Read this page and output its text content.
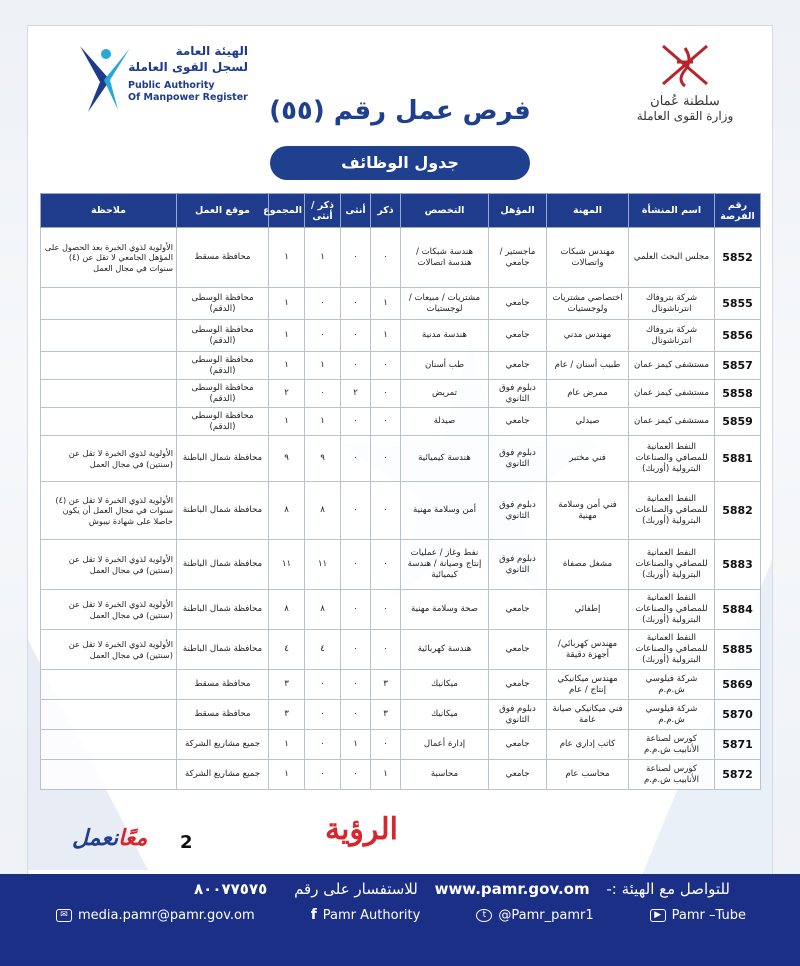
سلطنة عُمان
وزارة القوى العاملة
الهيئة العامة
لسجل القوى العاملة
Public Authority
Of Manpower Register فرص عمل رقم (٥٥)
جدول الوظائف
رقم الفرصة	اسم المنشأة	المهنة	المؤهل	التخصص	ذكر	أنثى	ذكر / أنثى	المجموع	موقع العمل	ملاحظة
5852	مجلس البحث العلمي	مهندس شبكات واتصالات	ماجستير / جامعي	هندسة شبكات / هندسة اتصالات	٠	٠	١	١	محافظة مسقط	الأولوية لذوي الخبرة بعد الحصول على المؤهل الجامعي لا تقل عن (٤) سنوات في مجال العمل
5855	شركة بتروفاك انترناشونال	اختصاصي مشتريات ولوجستيات	جامعي	مشتريات / مبيعات / لوجستيات	١	٠	٠	١	محافظة الوسطى (الدقم)	
5856	شركة بتروفاك انترناشونال	مهندس مدني	جامعي	هندسة مدنية	١	٠	٠	١	محافظة الوسطى (الدقم)	
5857	مستشفى كيمز عمان	طبيب أسنان / عام	جامعي	طب أسنان	٠	٠	١	١	محافظة الوسطى (الدقم)	
5858	مستشفى كيمز عمان	ممرض عام	دبلوم فوق الثانوي	تمريض	٠	٢	٠	٢	محافظة الوسطى (الدقم)	
5859	مستشفى كيمز عمان	صيدلي	جامعي	صيدلة	٠	٠	١	١	محافظة الوسطى (الدقم)	
5881	النفط العمانية للمصافي والصناعات البترولية (أوربك)	فني مختبر	دبلوم فوق الثانوي	هندسة كيميائية	٠	٠	٩	٩	محافظة شمال الباطنة	الأولوية لذوي الخبرة لا تقل عن (سنتين) في مجال العمل
5882	النفط العمانية للمصافي والصناعات البترولية (أوربك)	فني أمن وسلامة مهنية	دبلوم فوق الثانوي	أمن وسلامة مهنية	٠	٠	٨	٨	محافظة شمال الباطنة	الأولوية لذوي الخبرة لا تقل عن (٤) سنوات في مجال العمل أن يكون حاصلا على شهادة نيبوش
5883	النفط العمانية للمصافي والصناعات البترولية (أوربك)	مشغل مصفاة	دبلوم فوق الثانوي	نفط وغاز / عمليات إنتاج وصيانة / هندسة كيميائية	٠	٠	١١	١١	محافظة شمال الباطنة	الأولوية لذوي الخبرة لا تقل عن (سنتين) في مجال العمل
5884	النفط العمانية للمصافي والصناعات البترولية (أوربك)	إطفائي	جامعي	صحة وسلامة مهنية	٠	٠	٨	٨	محافظة شمال الباطنة	الأولوية لذوي الخبرة لا تقل عن (سنتين) في مجال العمل
5885	النفط العمانية للمصافي والصناعات البترولية (أوربك)	مهندس كهربائي/ أجهزة دقيقة	جامعي	هندسة كهربائية	٠	٠	٤	٤	محافظة شمال الباطنة	الأولوية لذوي الخبرة لا تقل عن (سنتين) في مجال العمل
5869	شركة فيلوسي ش.م.م	مهندس ميكانيكي إنتاج / عام	جامعي	ميكانيك	٣	٠	٠	٣	محافظة مسقط	
5870	شركة فيلوسي ش.م.م	فني ميكانيكي صيانة عامة	دبلوم فوق الثانوي	ميكانيك	٣	٠	٠	٣	محافظة مسقط	
5871	كورس لصناعة الأنابيب ش.م.م	كاتب إداري عام	جامعي	إدارة أعمال	٠	١	٠	١	جميع مشاريع الشركة	
5872	كورس لصناعة الأنابيب ش.م.م	محاسب عام	جامعي	محاسبة	١	٠	٠	١	جميع مشاريع الشركة	
معًانعمل	2	الرؤية
للتواصل مع الهيئة :- www.pamr.gov.om للاستفسار على رقم ٨٠٠٧٧٥٧٥
✉ media.pamr@pamr.gov.om	f Pamr Authority	t @Pamr_pamr1	▶ Pamr –Tube
